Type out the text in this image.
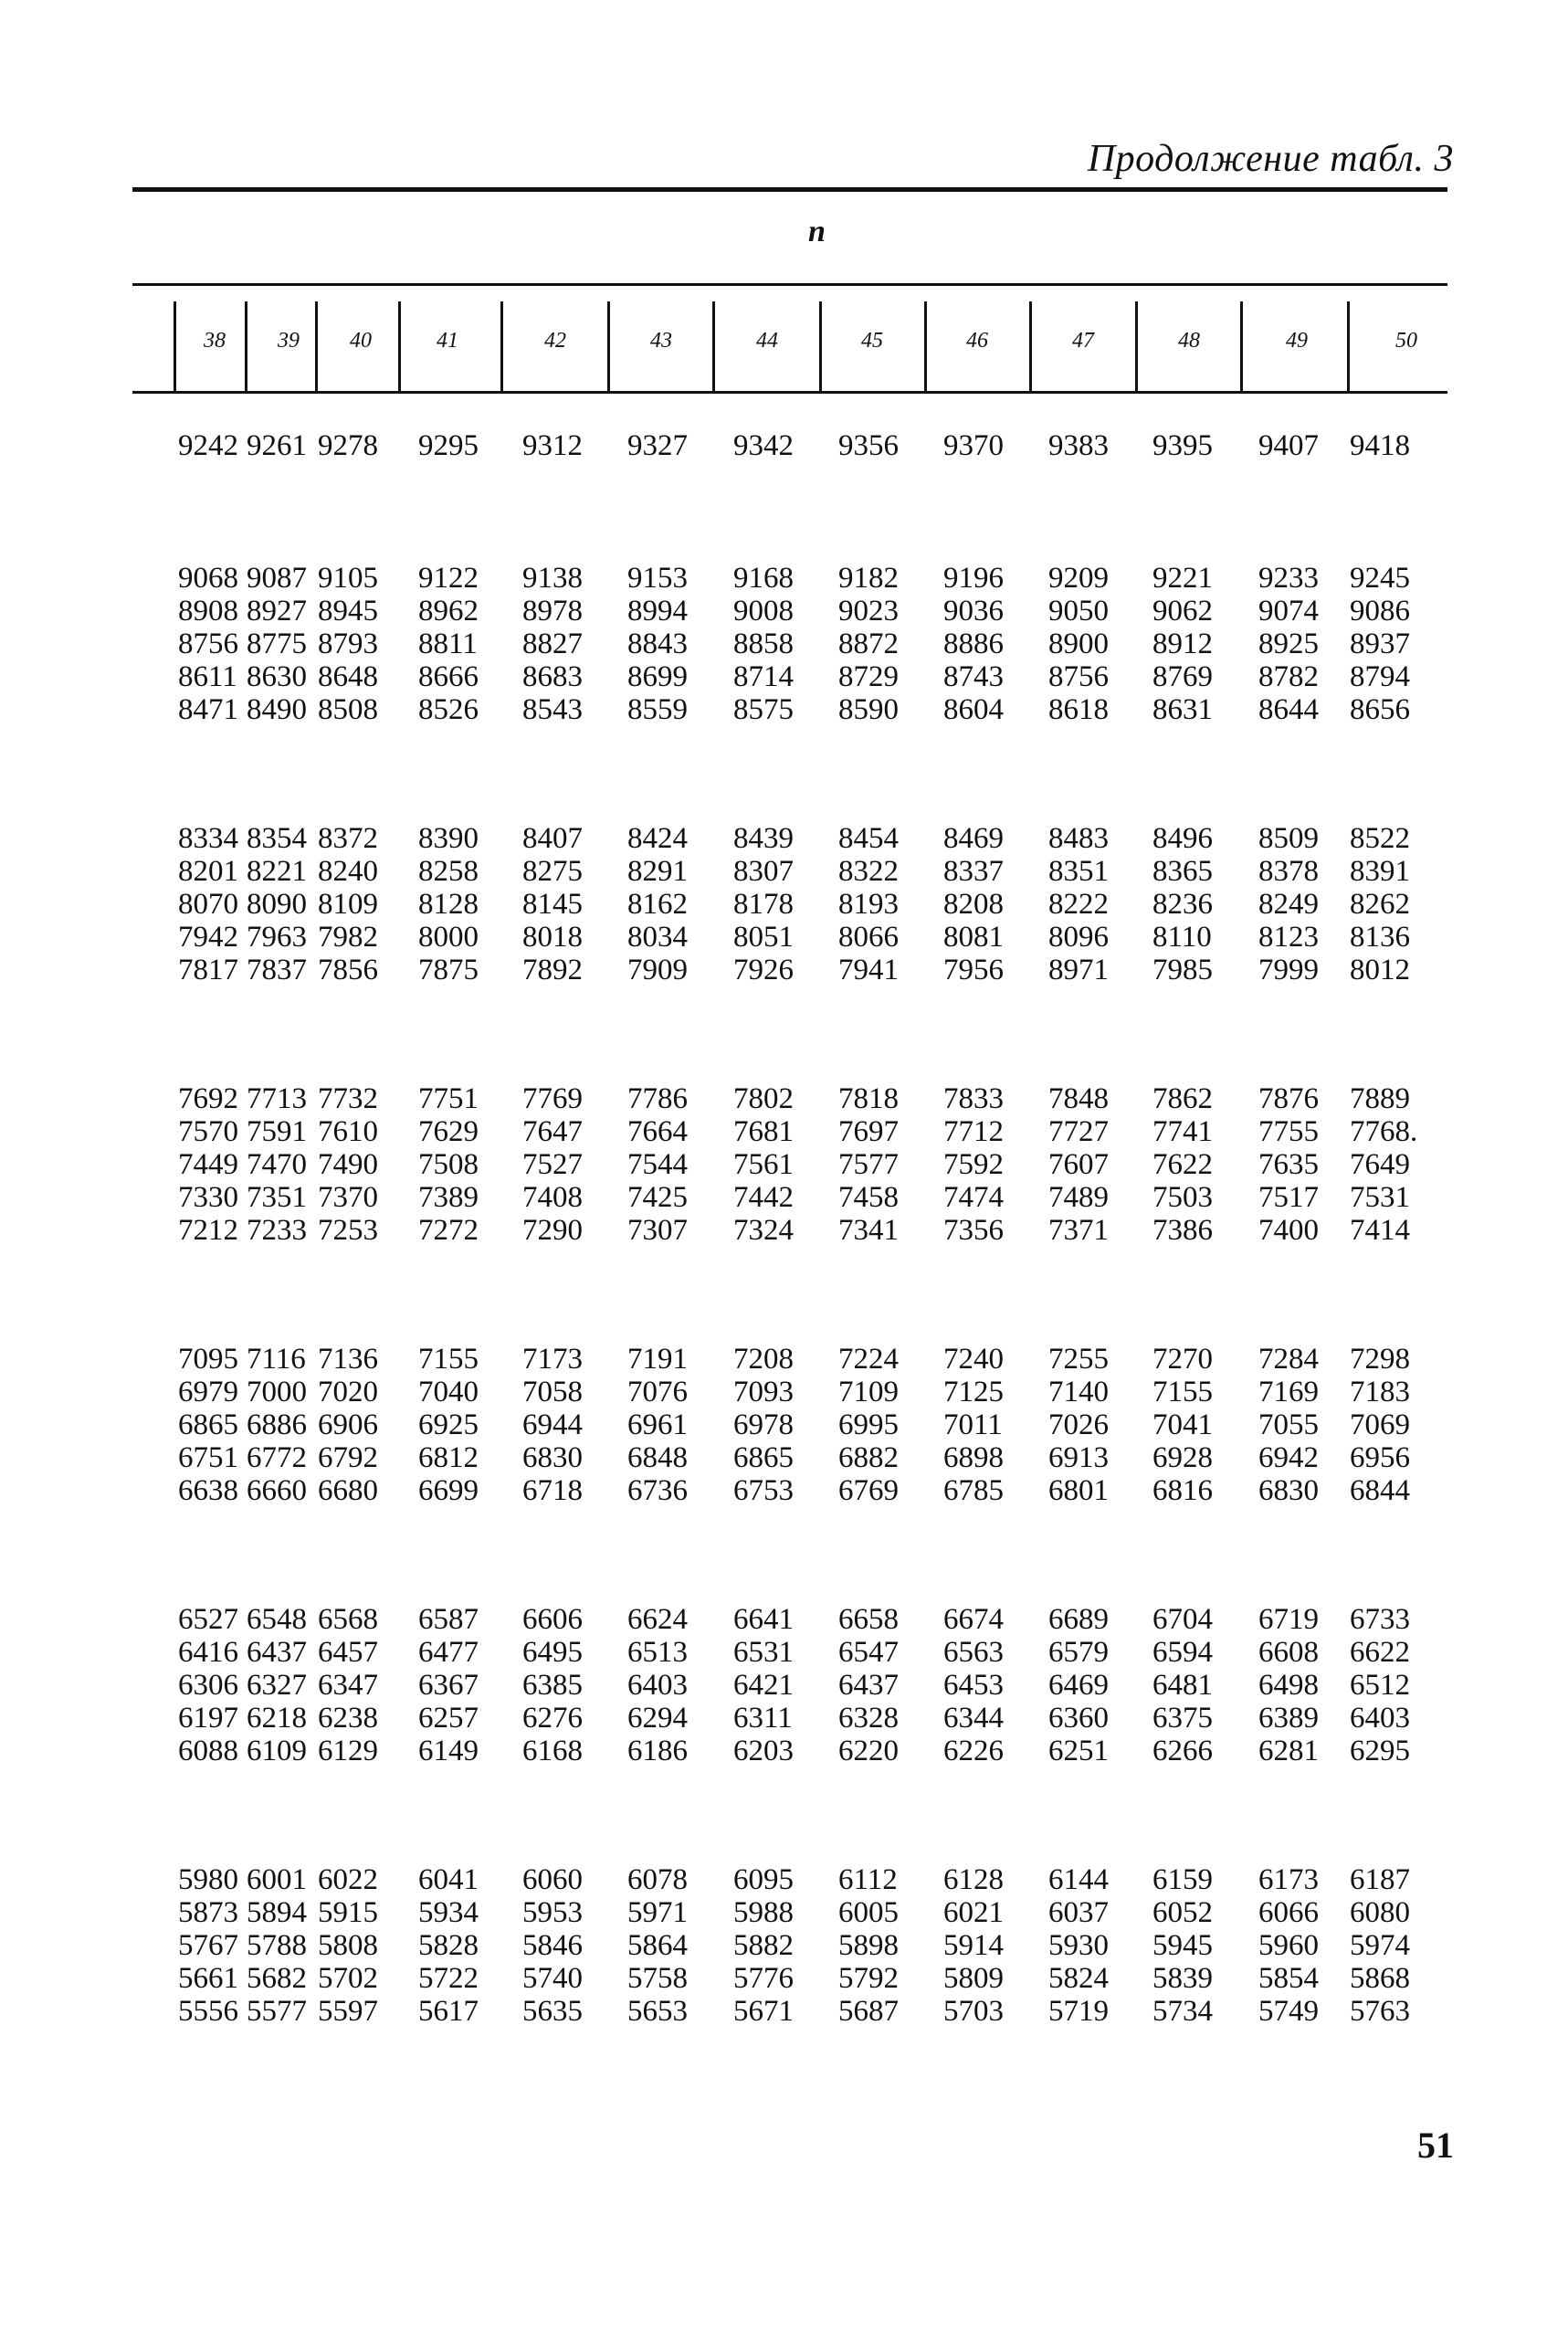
Продолжение табл. 3
n
51
38	39	40	41	42	43	44	45	46	47	48	49	50
9242 9261 9278 9295 9312 9327 9342 9356 9370 9383 9395 9407 9418
9068 9087 9105 9122 9138 9153 9168 9182 9196 9209 9221 9233 9245
8908 8927 8945 8962 8978 8994 9008 9023 9036 9050 9062 9074 9086
8756 8775 8793 8811 8827 8843 8858 8872 8886 8900 8912 8925 8937
8611 8630 8648 8666 8683 8699 8714 8729 8743 8756 8769 8782 8794
8471 8490 8508 8526 8543 8559 8575 8590 8604 8618 8631 8644 8656
8334 8354 8372 8390 8407 8424 8439 8454 8469 8483 8496 8509 8522
8201 8221 8240 8258 8275 8291 8307 8322 8337 8351 8365 8378 8391
8070 8090 8109 8128 8145 8162 8178 8193 8208 8222 8236 8249 8262
7942 7963 7982 8000 8018 8034 8051 8066 8081 8096 8110 8123 8136
7817 7837 7856 7875 7892 7909 7926 7941 7956 8971 7985 7999 8012
7692 7713 7732 7751 7769 7786 7802 7818 7833 7848 7862 7876 7889
7570 7591 7610 7629 7647 7664 7681 7697 7712 7727 7741 7755 7768.
7449 7470 7490 7508 7527 7544 7561 7577 7592 7607 7622 7635 7649
7330 7351 7370 7389 7408 7425 7442 7458 7474 7489 7503 7517 7531
7212 7233 7253 7272 7290 7307 7324 7341 7356 7371 7386 7400 7414
7095 7116 7136 7155 7173 7191 7208 7224 7240 7255 7270 7284 7298
6979 7000 7020 7040 7058 7076 7093 7109 7125 7140 7155 7169 7183
6865 6886 6906 6925 6944 6961 6978 6995 7011 7026 7041 7055 7069
6751 6772 6792 6812 6830 6848 6865 6882 6898 6913 6928 6942 6956
6638 6660 6680 6699 6718 6736 6753 6769 6785 6801 6816 6830 6844
6527 6548 6568 6587 6606 6624 6641 6658 6674 6689 6704 6719 6733
6416 6437 6457 6477 6495 6513 6531 6547 6563 6579 6594 6608 6622
6306 6327 6347 6367 6385 6403 6421 6437 6453 6469 6481 6498 6512
6197 6218 6238 6257 6276 6294 6311 6328 6344 6360 6375 6389 6403
6088 6109 6129 6149 6168 6186 6203 6220 6226 6251 6266 6281 6295
5980 6001 6022 6041 6060 6078 6095 6112 6128 6144 6159 6173 6187
5873 5894 5915 5934 5953 5971 5988 6005 6021 6037 6052 6066 6080
5767 5788 5808 5828 5846 5864 5882 5898 5914 5930 5945 5960 5974
5661 5682 5702 5722 5740 5758 5776 5792 5809 5824 5839 5854 5868
5556 5577 5597 5617 5635 5653 5671 5687 5703 5719 5734 5749 5763
